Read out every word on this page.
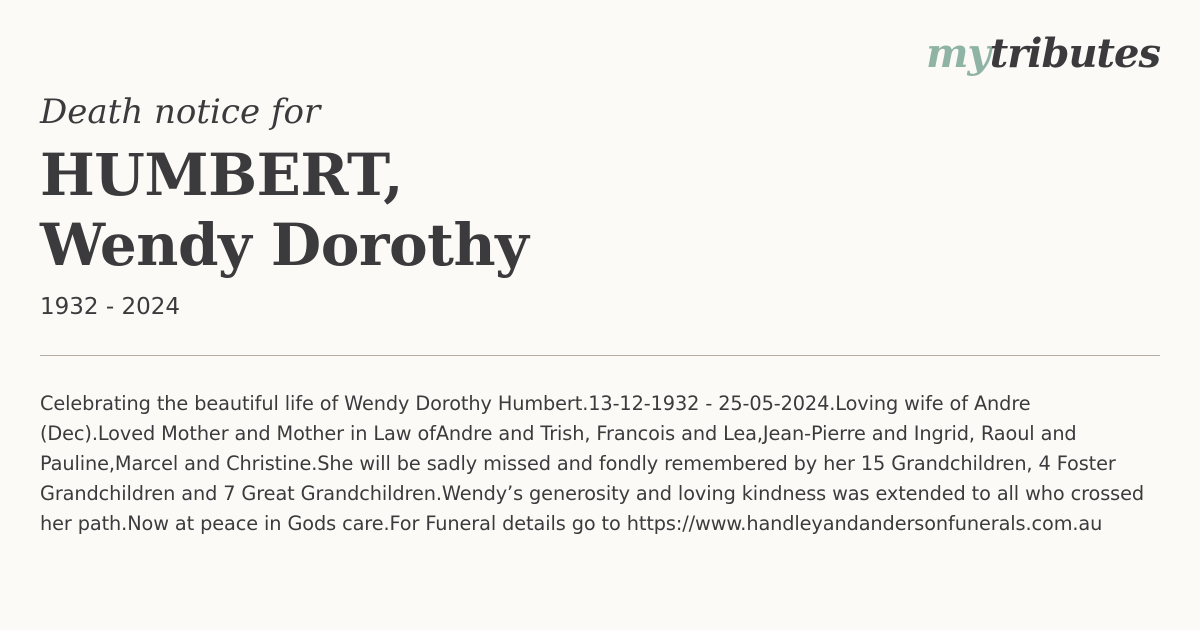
mytributes
Death notice for
HUMBERT,
Wendy Dorothy
1932 - 2024
Celebrating the beautiful life of Wendy Dorothy Humbert.13-12-1932 - 25-05-2024.Loving wife of Andre
(Dec).Loved Mother and Mother in Law ofAndre and Trish, Francois and Lea,Jean-Pierre and Ingrid, Raoul and
Pauline,Marcel and Christine.She will be sadly missed and fondly remembered by her 15 Grandchildren, 4 Foster
Grandchildren and 7 Great Grandchildren.Wendy’s generosity and loving kindness was extended to all who crossed
her path.Now at peace in Gods care.For Funeral details go to https://www.handleyandandersonfunerals.com.au
